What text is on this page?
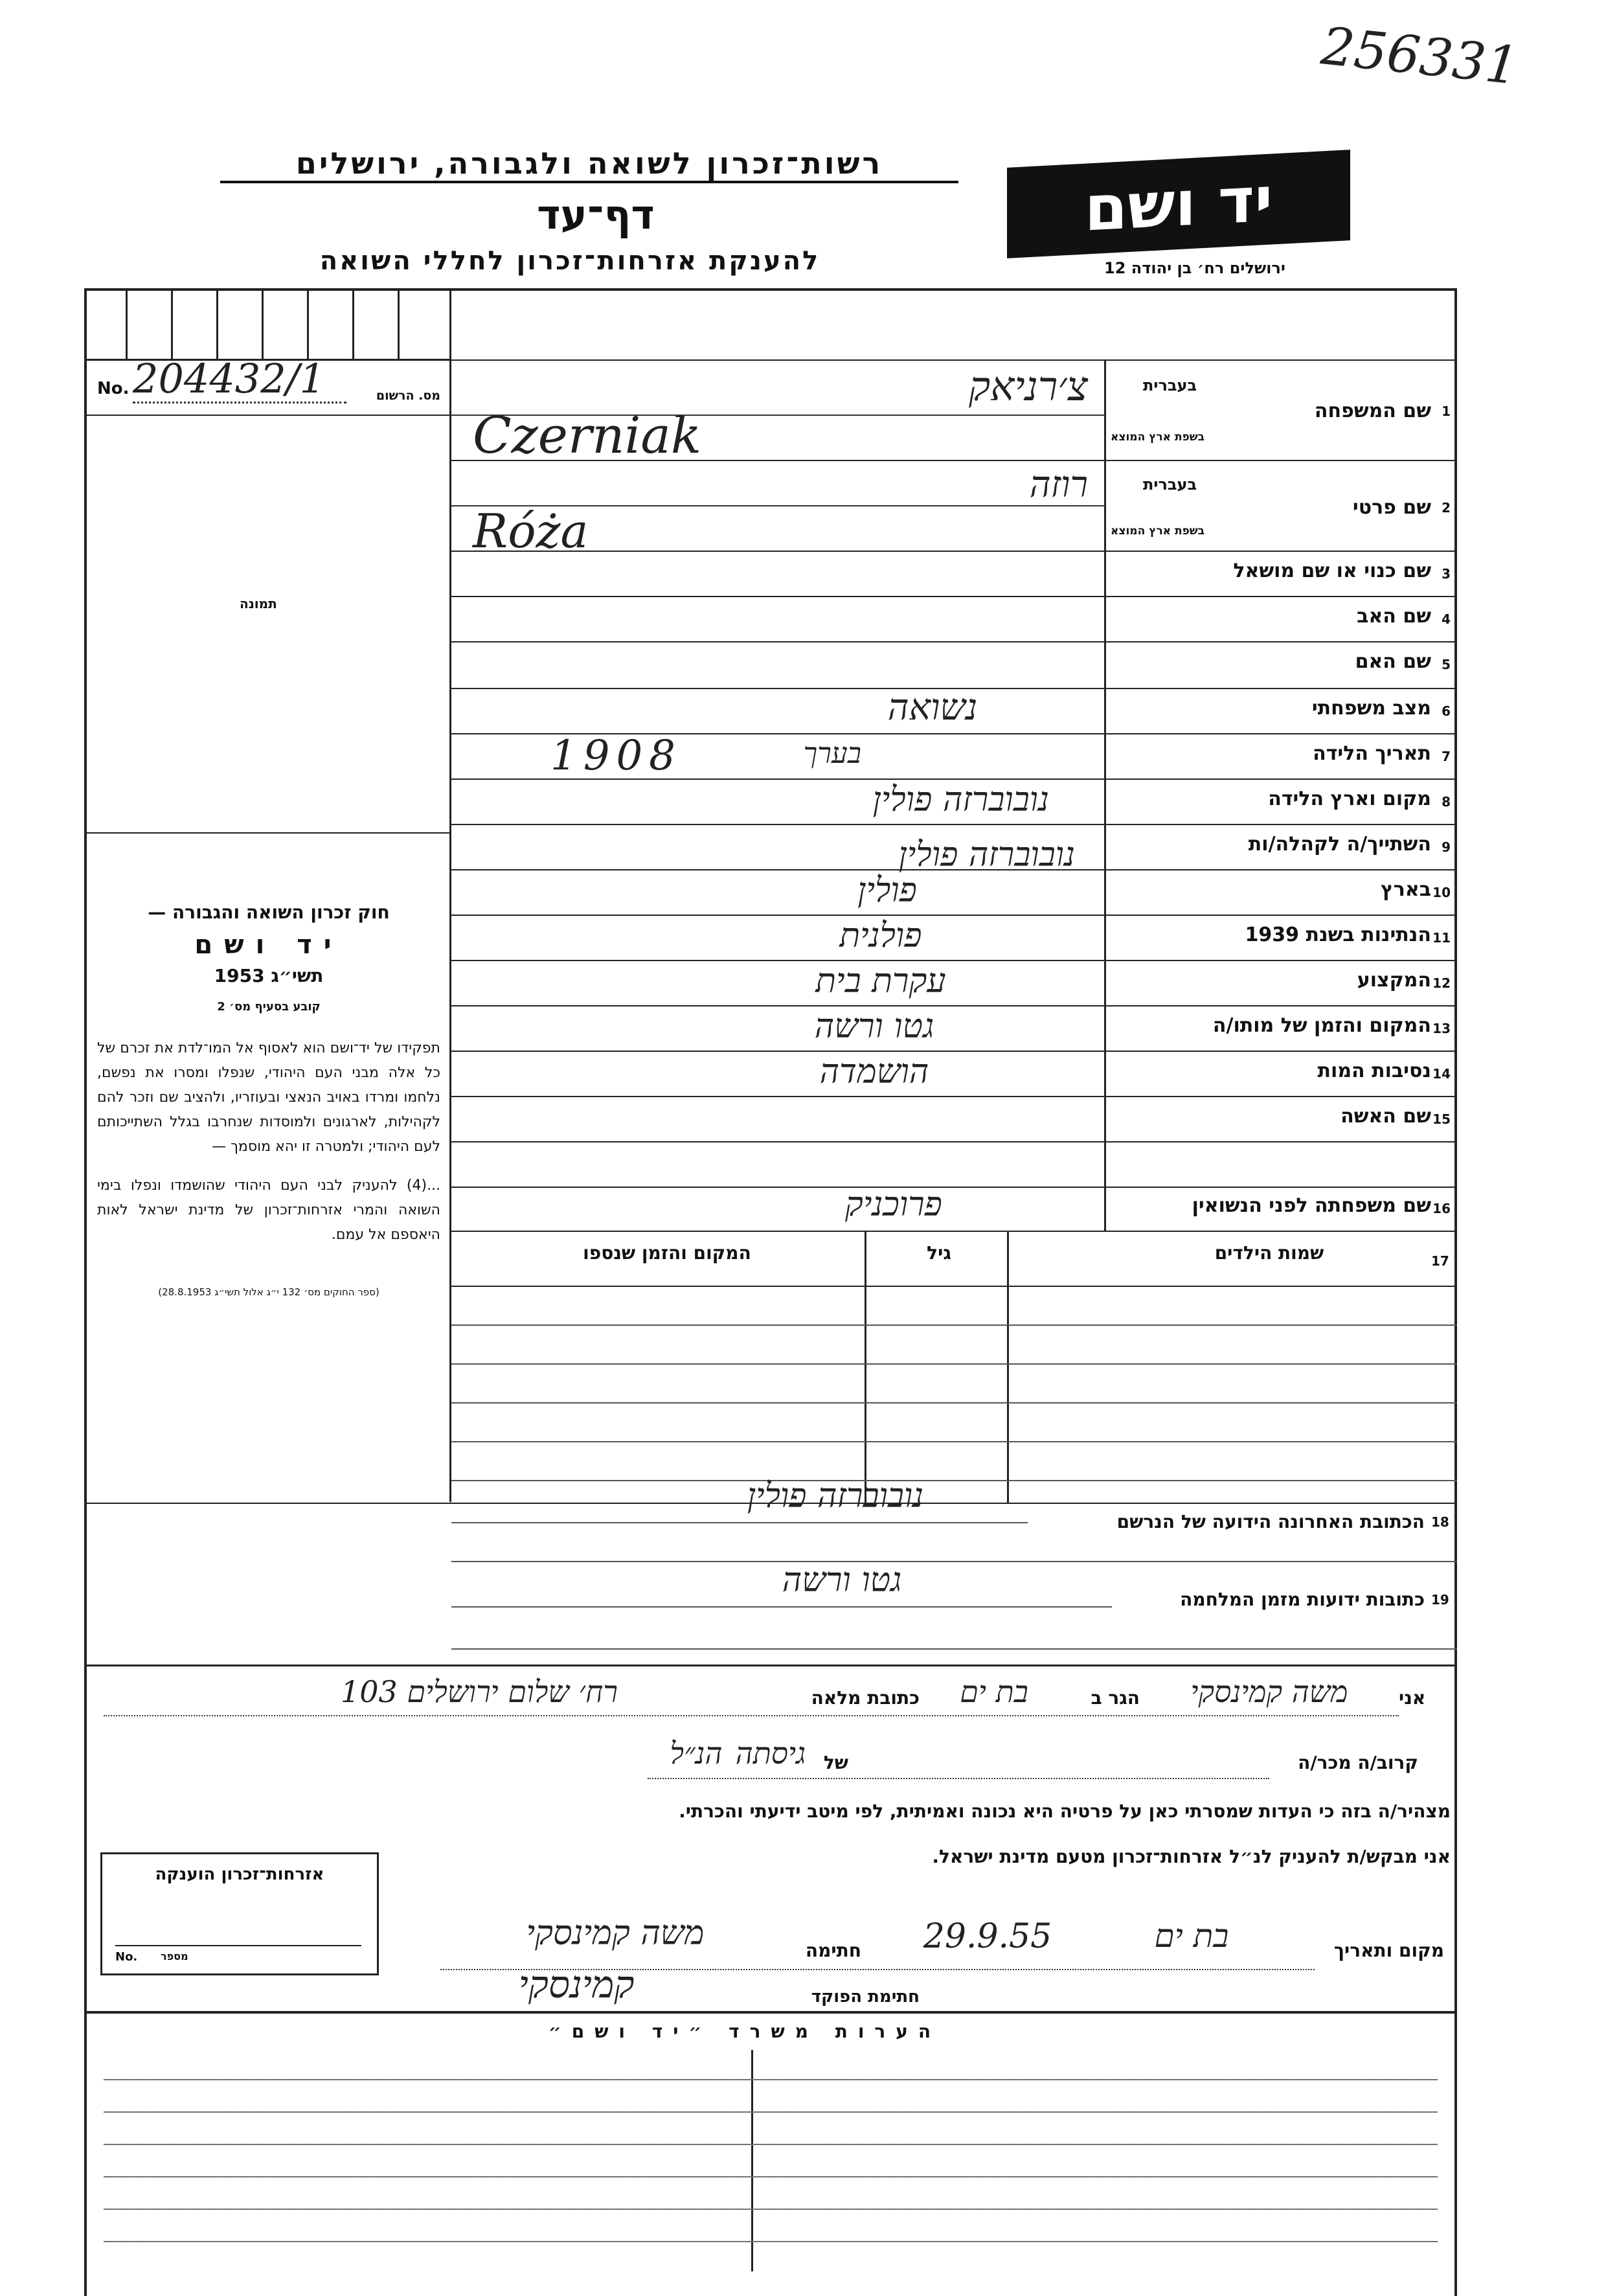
256331
רשות־זכרון לשואה ולגבורה, ירושלים
דף־עד
להענקת אזרחות־זכרון לחללי השואה
יד ושם
ירושלים רח׳ בן יהודה 12
No. 204432/1	מס. הרשום
תמונה

חוק זכרון השואה והגבורה —

יד ושם

תשי״ג 1953

קובע בסעיף מס׳ 2

תפקידו של יד־ושם הוא לאסוף אל המו־לדת את זכרם של כל אלה מבני העם היהודי, שנפלו ומסרו את נפשם, נלחמו ומרדו באויב הנאצי ובעוזריו, ולהציב שם וזכר להם לקהילות, לארגונים ולמוסדות שנחרבו בגלל השתייכותם לעם היהודי; ולמטרה זו יהא מוסמך —

...(4) להעניק לבני העם היהודי שהושמדו ונפלו בימי השואה והמרי אזרחות־זכרון של מדינת ישראל לאות היאספם אל עמם.

(ספר החוקים מס׳ 132 י״ג אלול תשי״ג 28.8.1953)

1
שם המשפחה
בעברית
בשפת ארץ המוצא
צ׳רניאק
Czerniak
2
שם פרטי
בעברית
בשפת ארץ המוצא
רוזה
Róża
3
שם כנוי או שם מושאל
4
שם האב
5
שם האם
6
מצב משפחתי
נשואה
7
תאריך הלידה
1908	בערך
8
מקום וארץ הלידה
נובוברזה פולין
9
השתייך/ה לקהלה/ות
נובוברזה פולין
10
בארץ
פולין
11
הנתינות בשנת 1939
פולנית
12
המקצוע
עקרת בית
13
המקום והזמן של מותו/ה
גטו ורשה
14
נסיבות המות
הושמדה
15
שם האשה
16
שם משפחתה לפני הנשואין
פרוכניק
17
שמות הילדים
גיל
המקום והזמן שנספו
18
הכתובת האחרונה הידועה של הנרשם
נובוברזה פולין
19
כתובות ידועות מזמן המלחמה
גטו ורשה
אני
משה קמינסקי
הגר ב
בת ים
כתובת מלאה
רח׳ שלום ירושלים 103
קרוב/ה מכר/ה
גיסתה של
הנ״ל
מצהיר/ה בזה כי העדות שמסרתי כאן על פרטיה היא נכונה ואמיתית, לפי מיטב ידיעתי והכרתי.
אני מבקש/ת להעניק לנ״ל אזרחות־זכרון מטעם מדינת ישראל.
מקום ותאריך
בת ים
29.9.55
חתימה
משה קמינסקי
חתימת הפוקד
קמינסקי
אזרחות־זכרון הוענקה
No. מספר
הערות משרד ״יד ושם״
